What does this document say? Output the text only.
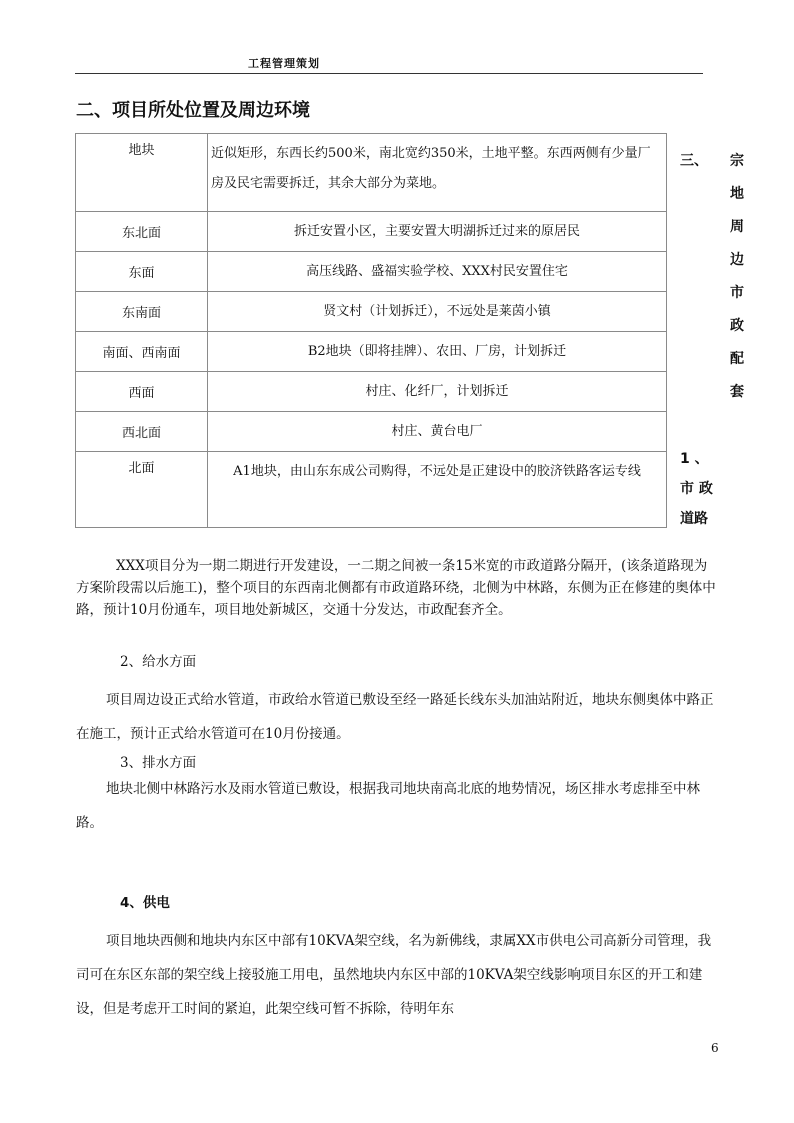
工程管理策划
二、项目所处位置及周边环境
地块	近似矩形，东西长约500米，南北宽约350米，土地平整。东西两侧有少量厂房及民宅需要拆迁，其余大部分为菜地。
东北面	拆迁安置小区，主要安置大明湖拆迁过来的原居民
东面	高压线路、盛福实验学校、XXX村民安置住宅
东南面	贤文村（计划拆迁），不远处是莱茵小镇
南面、西南面	B2地块（即将挂牌）、农田、厂房，计划拆迁
西面	村庄、化纤厂，计划拆迁
西北面	村庄、黄台电厂
北面	A1地块，由山东东成公司购得，不远处是正建设中的胶济铁路客运专线
三、 宗
地
周
边
市
政
配
套
1 、
市 政
道路
XXX项目分为一期二期进行开发建设，一二期之间被一条15米宽的市政道路分隔开，(该条道路现为方案阶段需以后施工)，整个项目的东西南北侧都有市政道路环绕，北侧为中林路，东侧为正在修建的奥体中路，预计10月份通车，项目地处新城区，交通十分发达，市政配套齐全。
2、给水方面
项目周边设正式给水管道，市政给水管道已敷设至经一路延长线东头加油站附近，地块东侧奥体中路正在施工，预计正式给水管道可在10月份接通。
3、排水方面
地块北侧中林路污水及雨水管道已敷设，根据我司地块南高北底的地势情况，场区排水考虑排至中林路。
4、供电
项目地块西侧和地块内东区中部有10KVA架空线，名为新佛线，隶属XX市供电公司高新分司管理，我司可在东区东部的架空线上接驳施工用电，虽然地块内东区中部的10KVA架空线影响项目东区的开工和建设，但是考虑开工时间的紧迫，此架空线可暂不拆除，待明年东
6
